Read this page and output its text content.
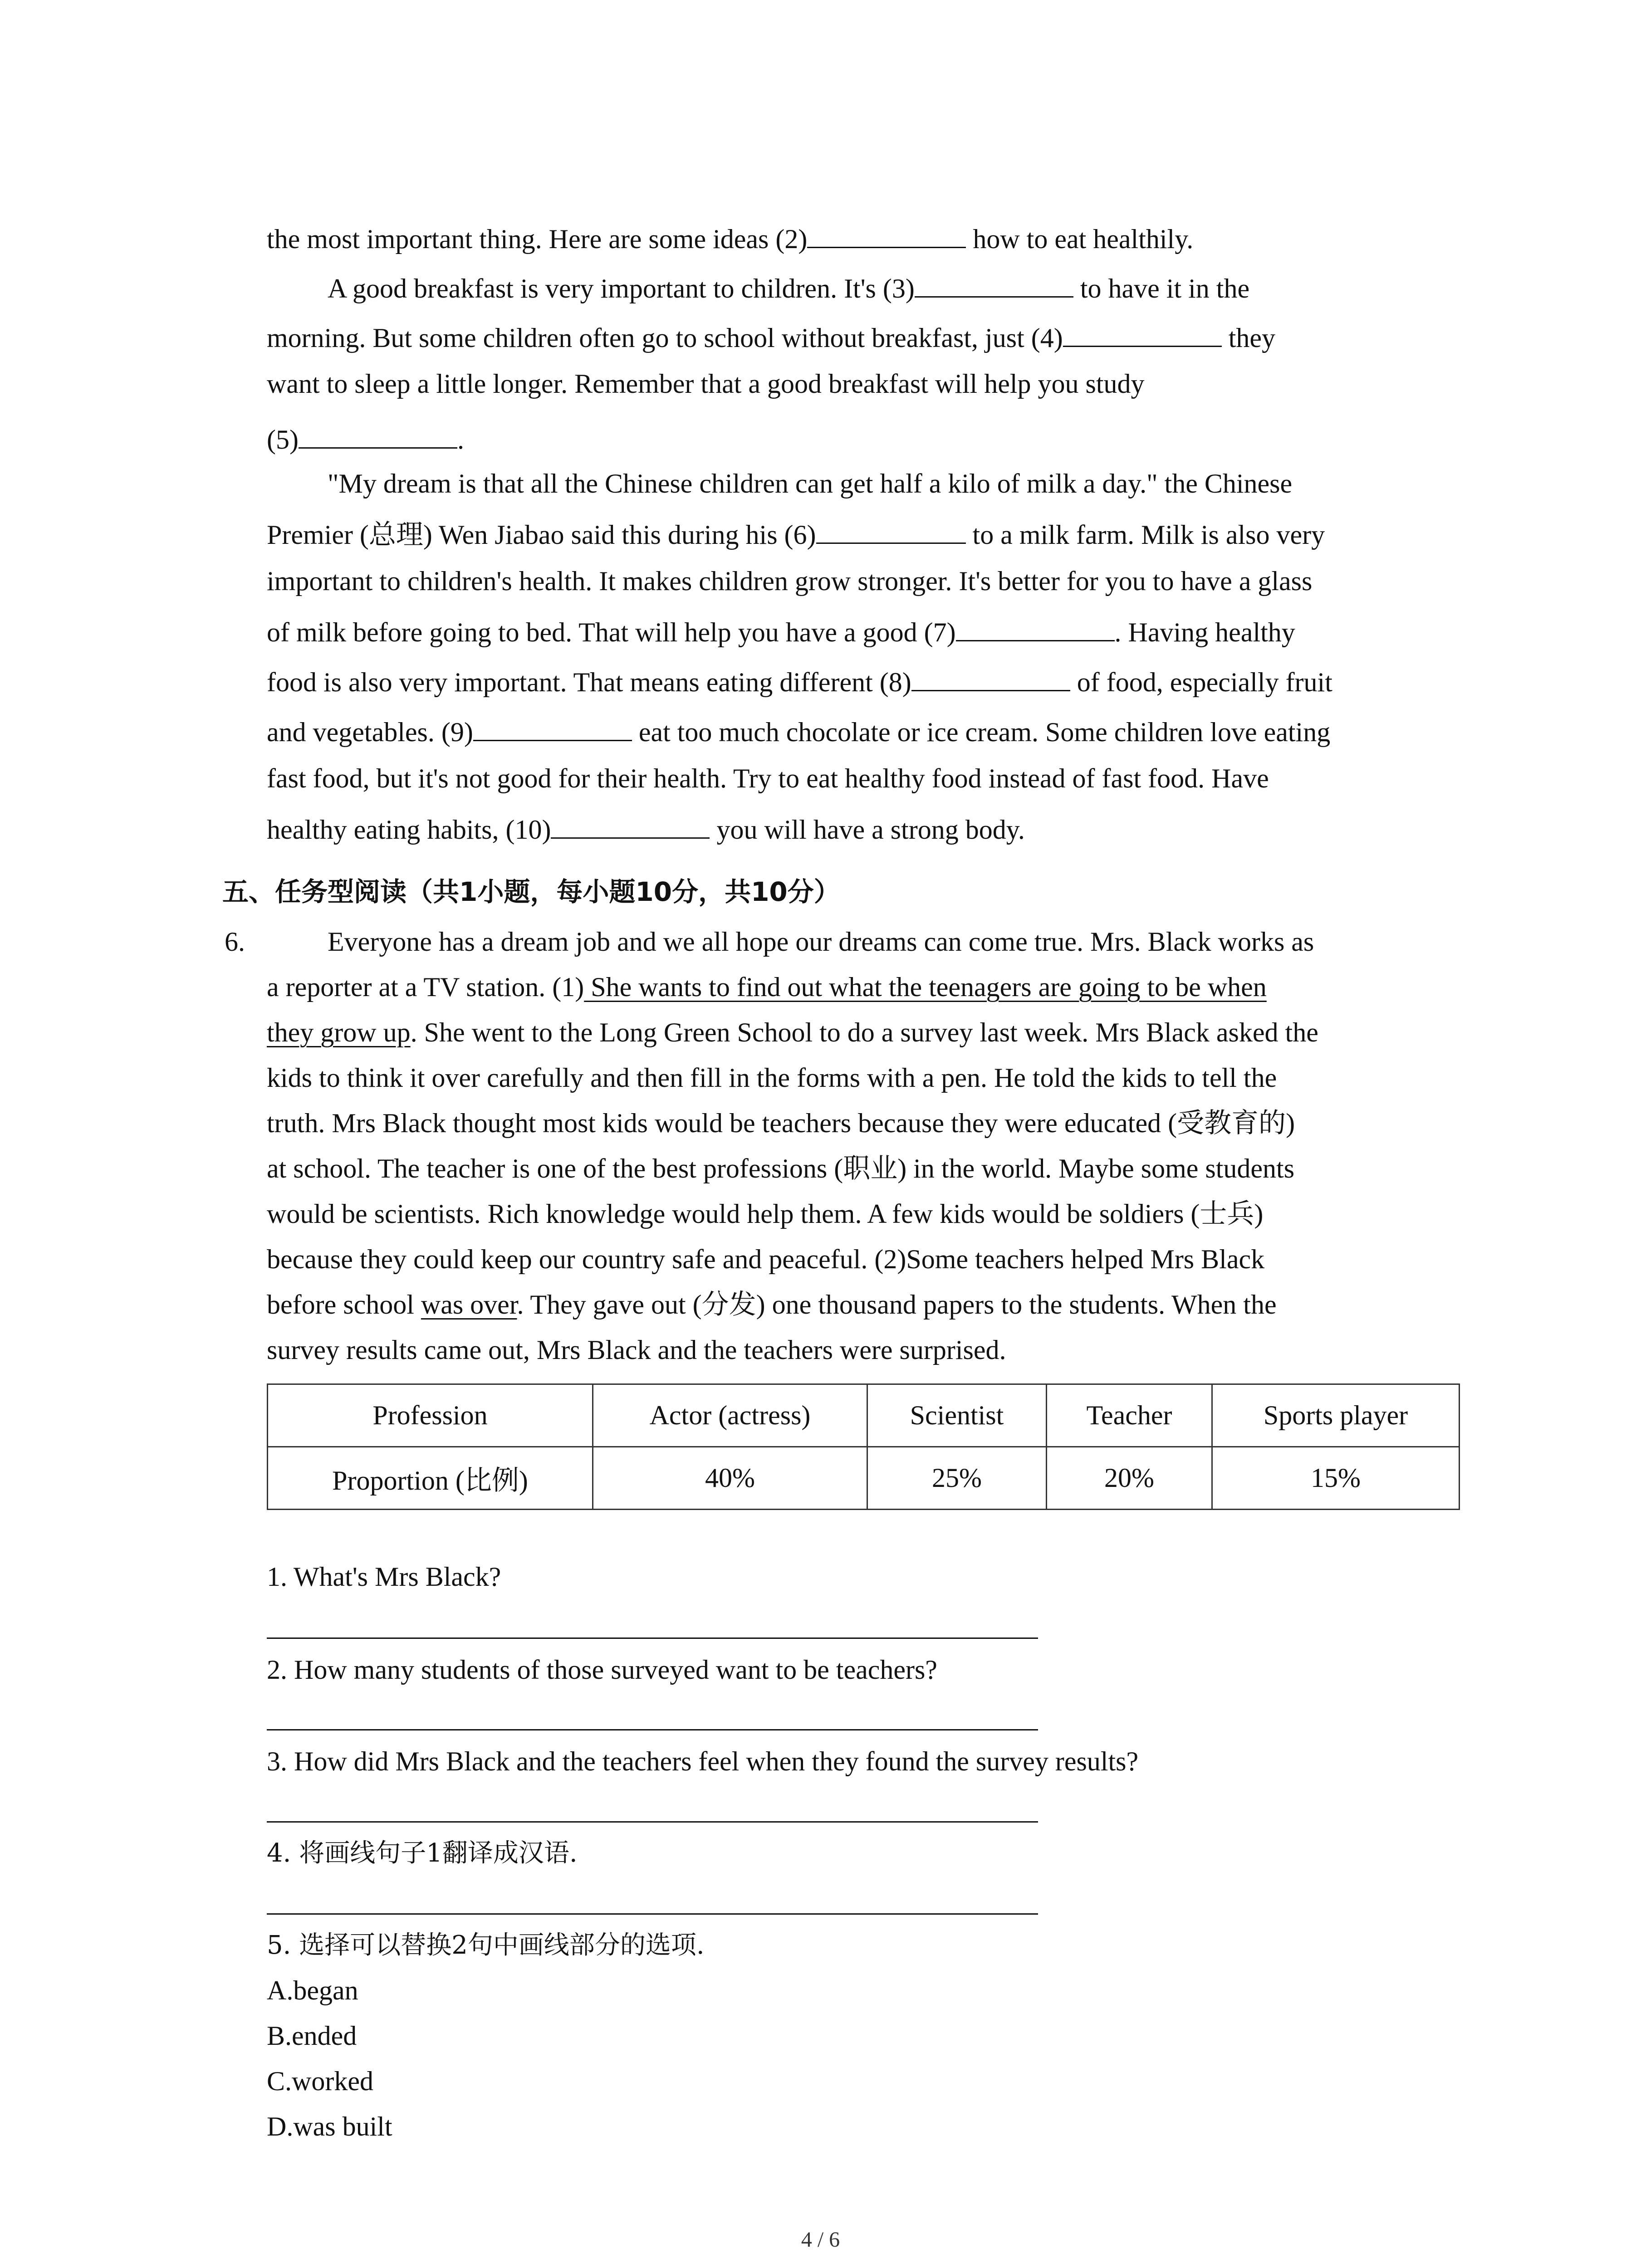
the most important thing. Here are some ideas (2)	how to eat healthily.
A good breakfast is very important to children. It's (3)	to have it in the
morning. But some children often go to school without breakfast, just (4)	they
want to sleep a little longer. Remember that a good breakfast will help you study
(5)	.
"My dream is that all the Chinese children can get half a kilo of milk a day." the Chinese
Premier (总理) Wen Jiabao said this during his (6)	to a milk farm. Milk is also very
important to children's health. It makes children grow stronger. It's better for you to have a glass
of milk before going to bed. That will help you have a good (7)	. Having healthy
food is also very important. That means eating different (8)	of food, especially fruit
and vegetables. (9)	eat too much chocolate or ice cream. Some children love eating
fast food, but it's not good for their health. Try to eat healthy food instead of fast food. Have
healthy eating habits, (10)	you will have a strong body.
五、任务型阅读（共1小题，每小题10分，共10分）
6.	Everyone has a dream job and we all hope our dreams can come true. Mrs. Black works as
a reporter at a TV station. (1) She wants to find out what the teenagers are going to be when
they grow up. She went to the Long Green School to do a survey last week. Mrs Black asked the
kids to think it over carefully and then fill in the forms with a pen. He told the kids to tell the
truth. Mrs Black thought most kids would be teachers because they were educated (受教育的)
at school. The teacher is one of the best professions (职业) in the world. Maybe some students
would be scientists. Rich knowledge would help them. A few kids would be soldiers (士兵)
because they could keep our country safe and peaceful. (2)Some teachers helped Mrs Black
before school was over. They gave out (分发) one thousand papers to the students. When the
survey results came out, Mrs Black and the teachers were surprised.
Profession	Actor (actress)	Scientist	Teacher	Sports player
Proportion (比例)	40%	25%	20%	15%
1. What's Mrs Black?
2. How many students of those surveyed want to be teachers?
3. How did Mrs Black and the teachers feel when they found the survey results?
4. 将画线句子1翻译成汉语.
5. 选择可以替换2句中画线部分的选项.
A.began
B.ended
C.worked
D.was built
4 / 6
